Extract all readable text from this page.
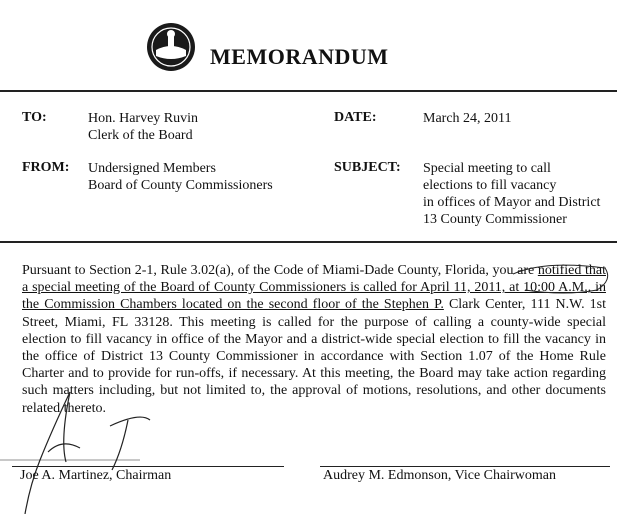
MEMORANDUM
TO:	Hon. Harvey Ruvin
Clerk of the Board
DATE:	March 24, 2011
FROM: Undersigned Members
Board of County Commissioners
SUBJECT: Special meeting to call
elections to fill vacancy
in offices of Mayor and District
13 County Commissioner
Pursuant to Section 2-1, Rule 3.02(a), of the Code of Miami-Dade County, Florida, you are notified that a special meeting of the Board of County Commissioners is called for April 11, 2011, at 10:00 A.M., in the Commission Chambers located on the second floor of the Stephen P. Clark Center, 111 N.W. 1st Street, Miami, FL 33128. This meeting is called for the purpose of calling a county-wide special election to fill vacancy in office of the Mayor and a district-wide special election to fill the vacancy in the office of District 13 County Commissioner in accordance with Section 1.07 of the Home Rule Charter and to provide for run-offs, if necessary. At this meeting, the Board may take action regarding such matters including, but not limited to, the approval of motions, resolutions, and other documents related thereto.
Joe A. Martinez, Chairman	Audrey M. Edmonson, Vice Chairwoman
